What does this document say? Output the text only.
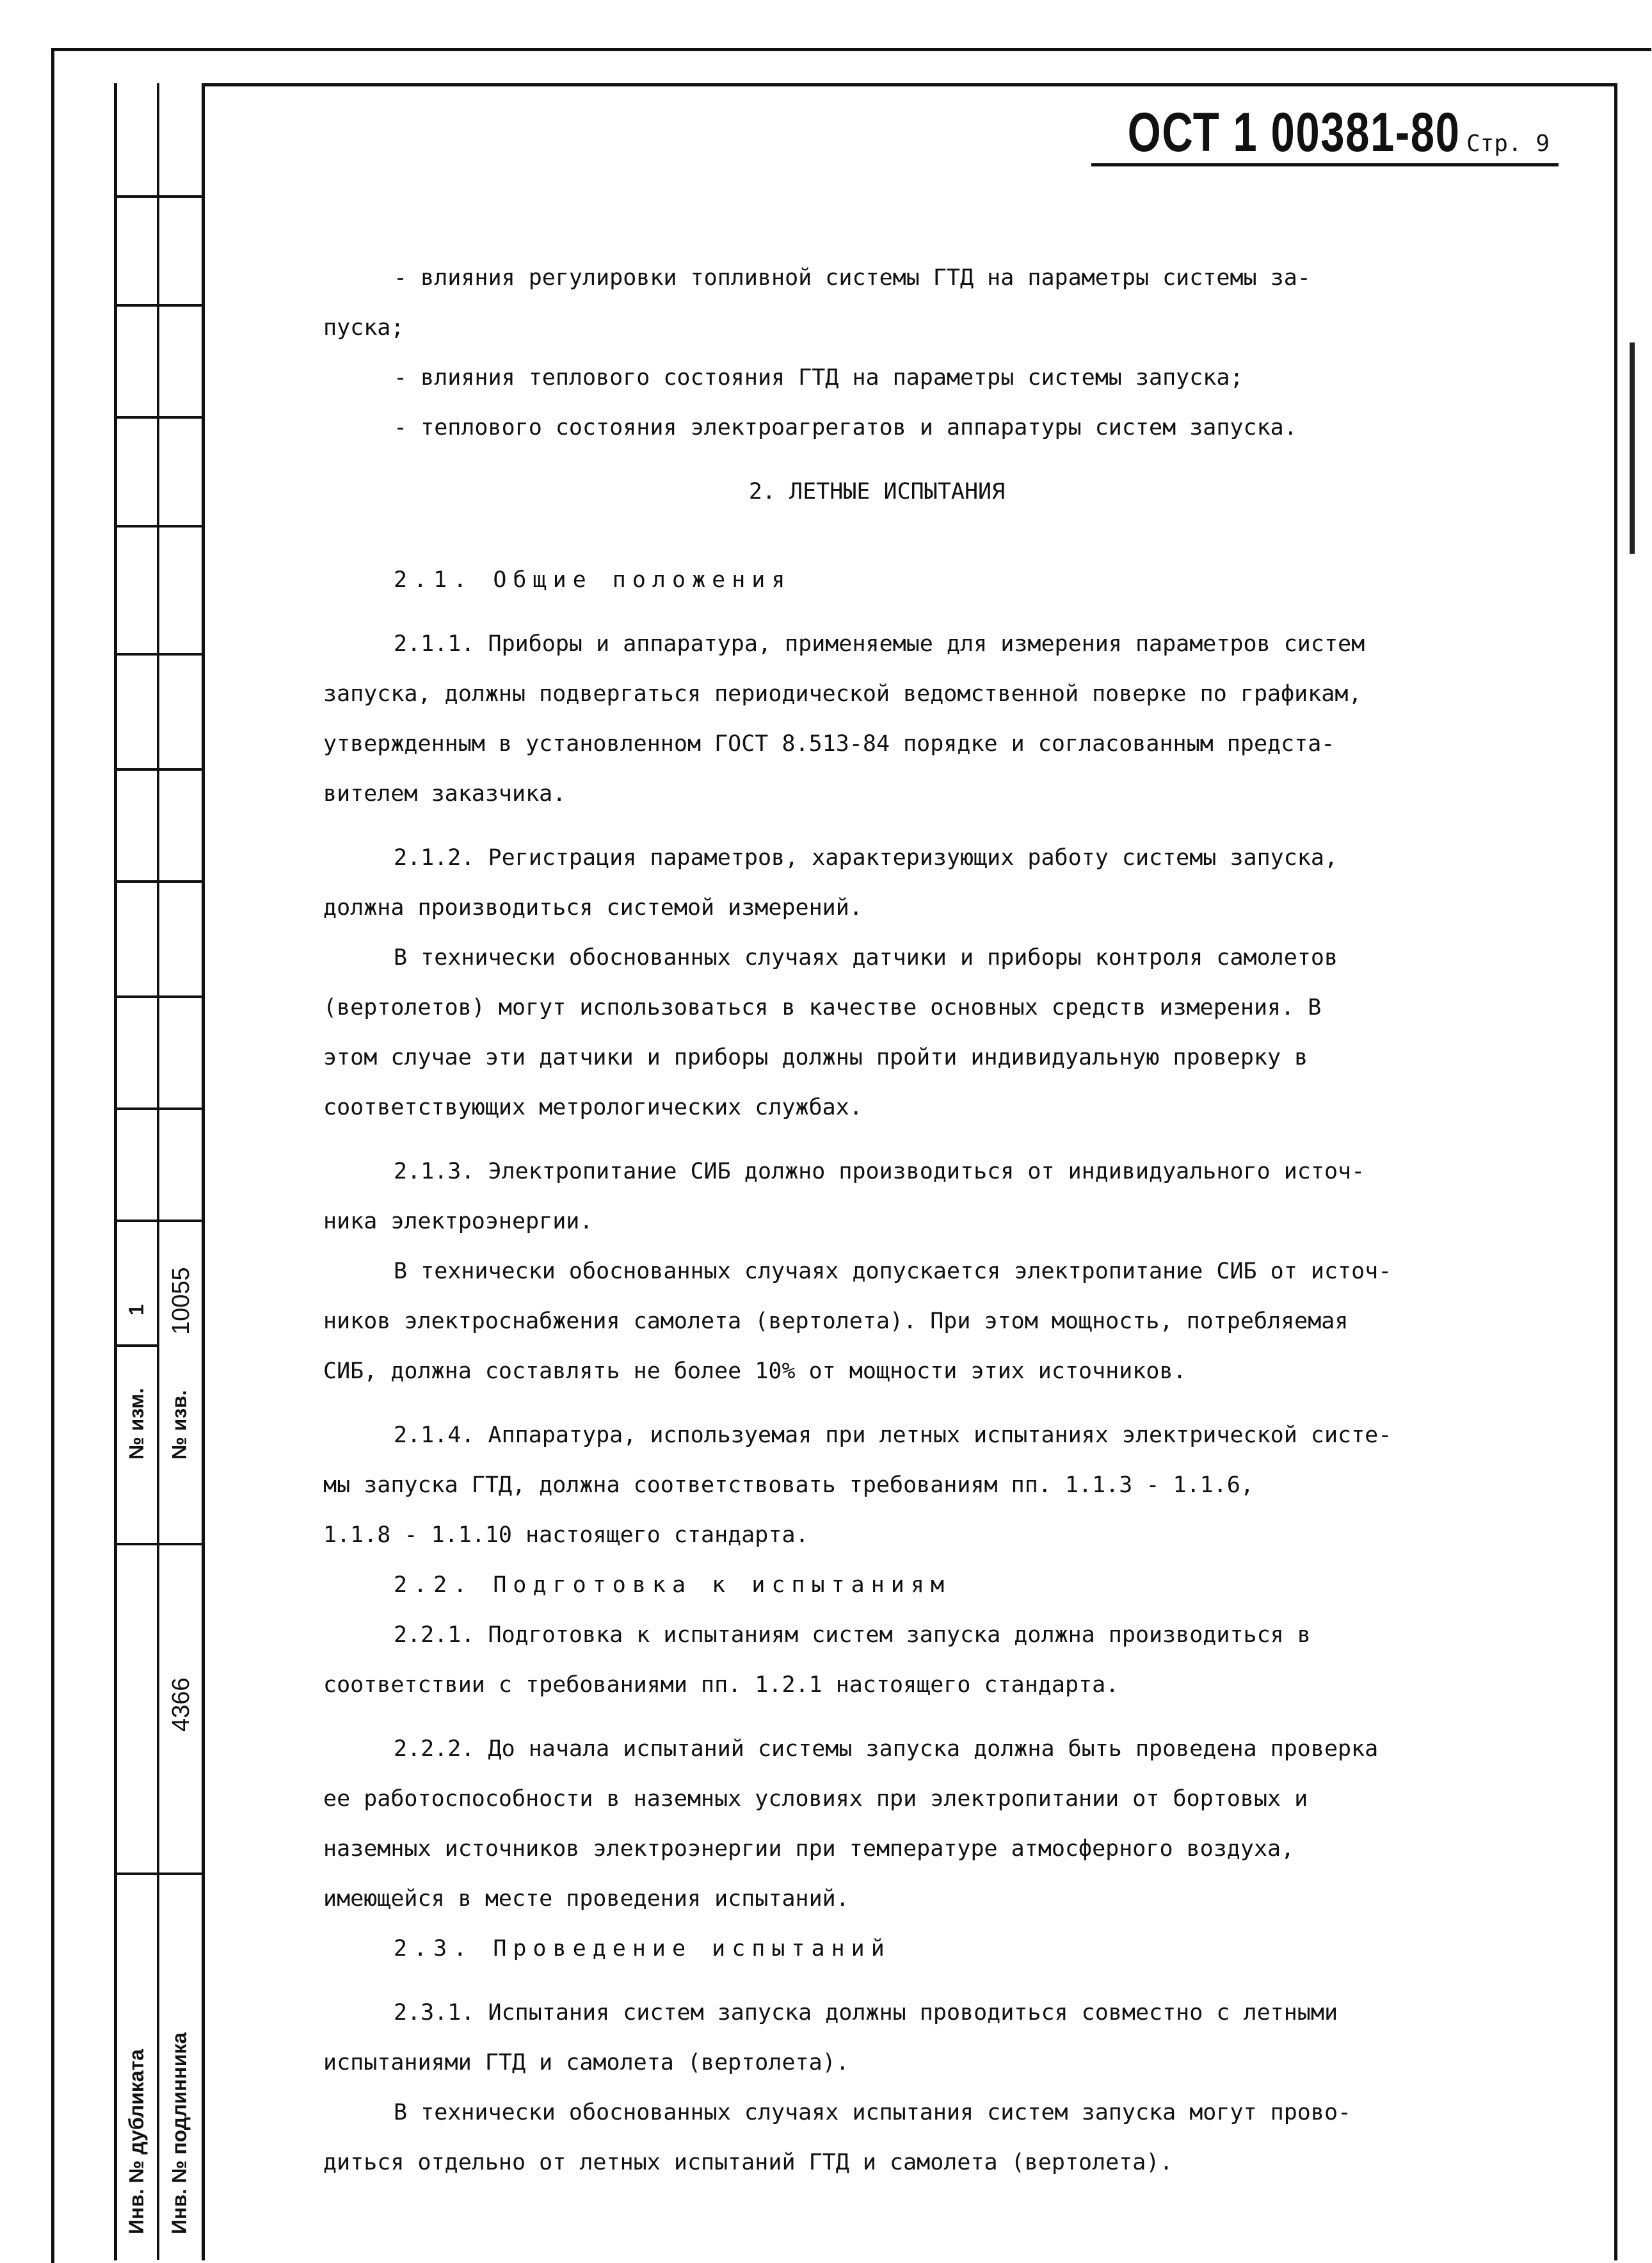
№ изм.
1
№ изв.
10055
4366
Инв. № дубликата Инв. № подлинника
ОСТ 1 00381-80 Стр. 9
- влияния регулировки топливной системы ГТД на параметры системы за-
пуска;
- влияния теплового состояния ГТД на параметры системы запуска;
- теплового состояния электроагрегатов и аппаратуры систем запуска.
2. ЛЕТНЫЕ ИСПЫТАНИЯ
2.1. Общие положения
2.1.1. Приборы и аппаратура, применяемые для измерения параметров систем
запуска, должны подвергаться периодической ведомственной поверке по графикам,
утвержденным в установленном ГОСТ 8.513-84 порядке и согласованным предста-
вителем заказчика.
2.1.2. Регистрация параметров, характеризующих работу системы запуска,
должна производиться системой измерений.
В технически обоснованных случаях датчики и приборы контроля самолетов
(вертолетов) могут использоваться в качестве основных средств измерения. В
этом случае эти датчики и приборы должны пройти индивидуальную проверку в
соответствующих метрологических службах.
2.1.3. Электропитание СИБ должно производиться от индивидуального источ-
ника электроэнергии.
В технически обоснованных случаях допускается электропитание СИБ от источ-
ников электроснабжения самолета (вертолета). При этом мощность, потребляемая
СИБ, должна составлять не более 10% от мощности этих источников.
2.1.4. Аппаратура, используемая при летных испытаниях электрической систе-
мы запуска ГТД, должна соответствовать требованиям пп. 1.1.3 - 1.1.6,
1.1.8 - 1.1.10 настоящего стандарта.
2.2. Подготовка к испытаниям
2.2.1. Подготовка к испытаниям систем запуска должна производиться в
соответствии с требованиями пп. 1.2.1 настоящего стандарта.
2.2.2. До начала испытаний системы запуска должна быть проведена проверка
ее работоспособности в наземных условиях при электропитании от бортовых и
наземных источников электроэнергии при температуре атмосферного воздуха,
имеющейся в месте проведения испытаний.
2.3. Проведение испытаний
2.3.1. Испытания систем запуска должны проводиться совместно с летными
испытаниями ГТД и самолета (вертолета).
В технически обоснованных случаях испытания систем запуска могут прово-
диться отдельно от летных испытаний ГТД и самолета (вертолета).
